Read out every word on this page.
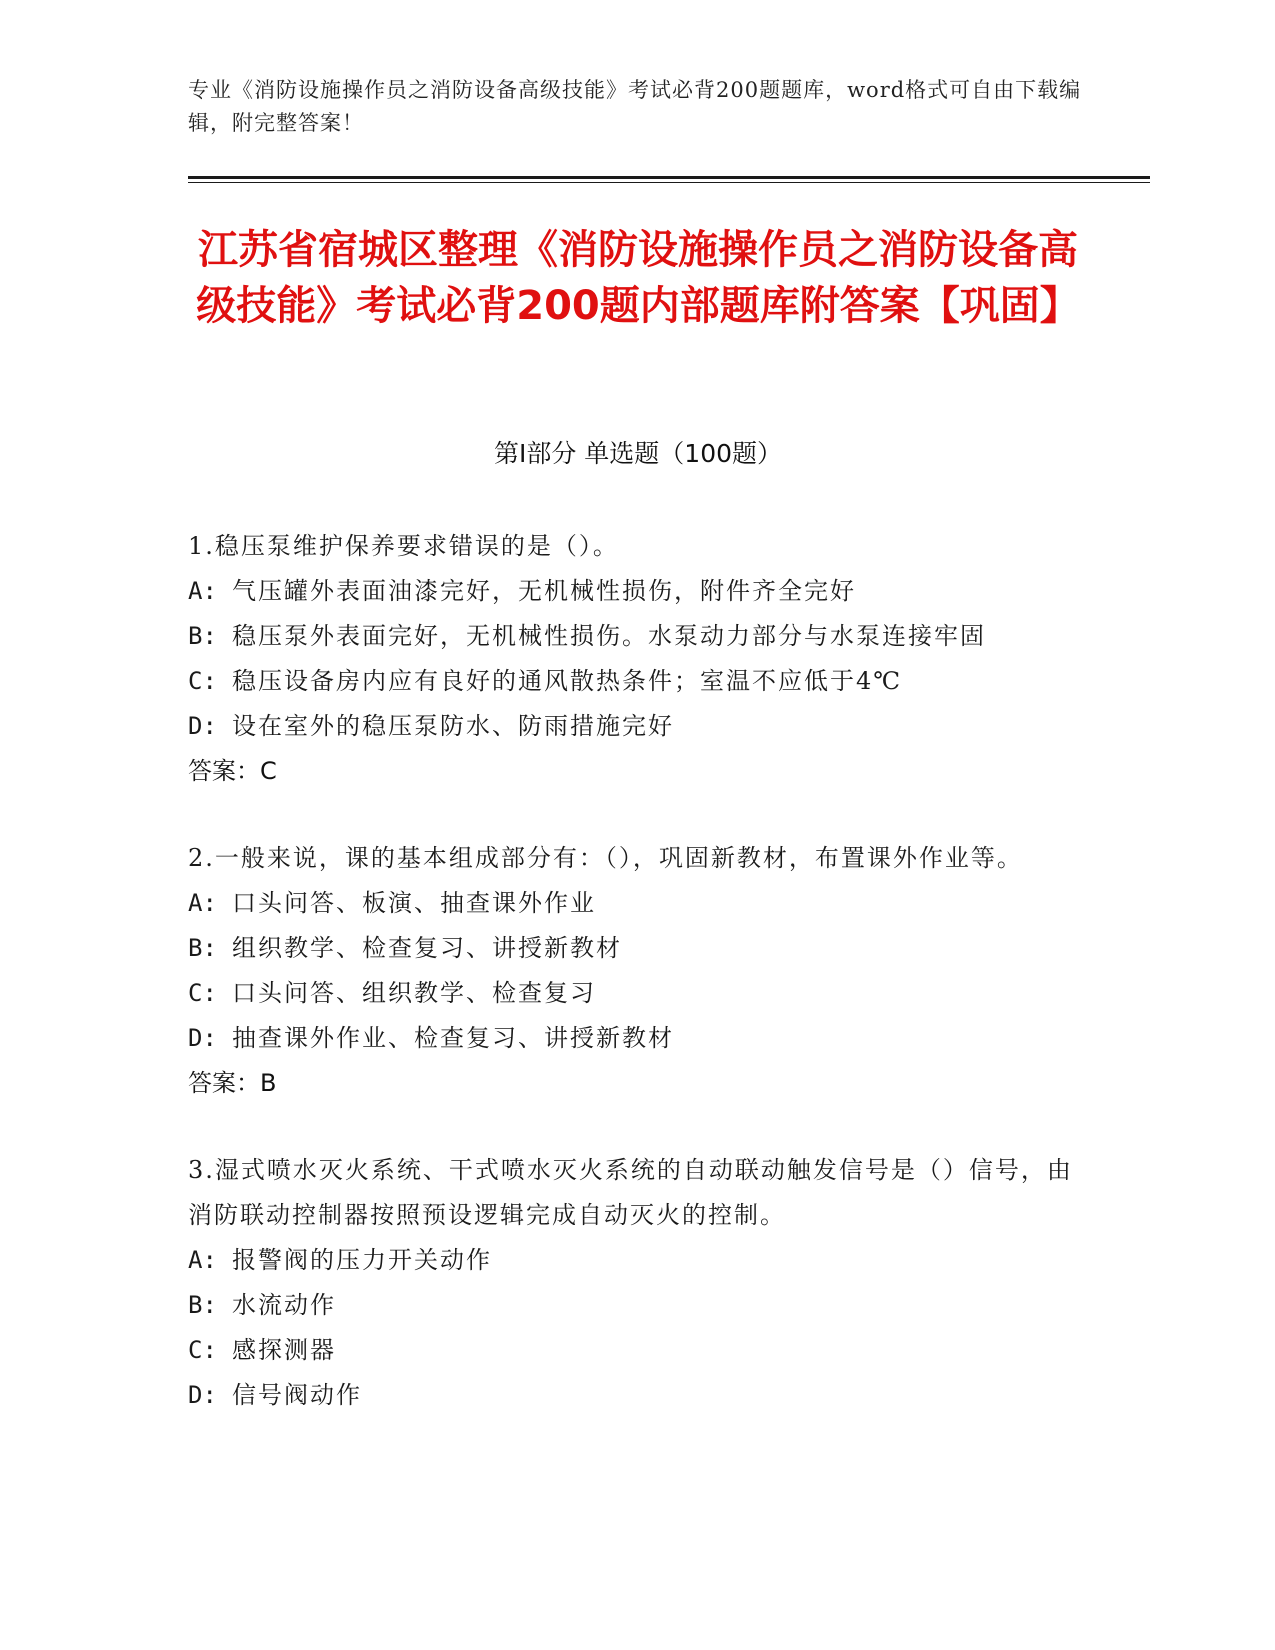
专业《消防设施操作员之消防设备高级技能》考试必背200题题库，word格式可自由下载编辑，附完整答案！
江苏省宿城区整理《消防设施操作员之消防设备高级技能》考试必背200题内部题库附答案【巩固】
第Ⅰ部分 单选题（100题）
1.稳压泵维护保养要求错误的是（）。
A: 气压罐外表面油漆完好，无机械性损伤，附件齐全完好
B: 稳压泵外表面完好，无机械性损伤。水泵动力部分与水泵连接牢固
C: 稳压设备房内应有良好的通风散热条件；室温不应低于4℃
D: 设在室外的稳压泵防水、防雨措施完好
答案：C
2.一般来说，课的基本组成部分有：（），巩固新教材，布置课外作业等。
A: 口头问答、板演、抽查课外作业
B: 组织教学、检查复习、讲授新教材
C: 口头问答、组织教学、检查复习
D: 抽查课外作业、检查复习、讲授新教材
答案：B
3.湿式喷水灭火系统、干式喷水灭火系统的自动联动触发信号是（）信号，由消防联动控制器按照预设逻辑完成自动灭火的控制。
A: 报警阀的压力开关动作
B: 水流动作
C: 感探测器
D: 信号阀动作
